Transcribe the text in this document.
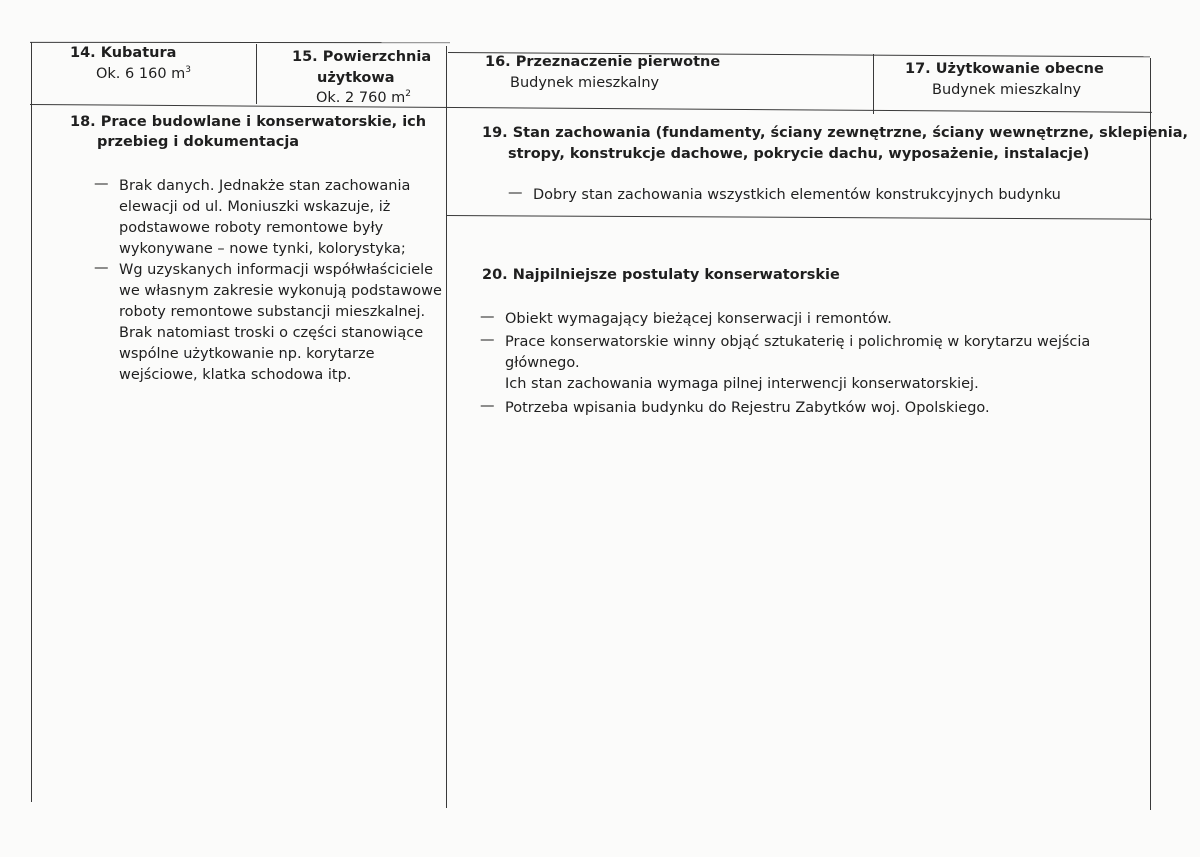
14. Kubatura
Ok. 6 160 $m^3$
15. Powierzchnia
użytkowa
Ok. 2 760 $m^2$
16. Przeznaczenie pierwotne
Budynek mieszkalny
17. Użytkowanie obecne
Budynek mieszkalny
18. Prace budowlane i konserwatorskie, ich
przebieg i dokumentacja
— Brak danych. Jednakże stan zachowania
elewacji od ul. Moniuszki wskazuje, iż
podstawowe roboty remontowe były
wykonywane – nowe tynki, kolorystyka;
— Wg uzyskanych informacji współwłaściciele
we własnym zakresie wykonują podstawowe
roboty remontowe substancji mieszkalnej.
Brak natomiast troski o części stanowiące
wspólne użytkowanie np. korytarze
wejściowe, klatka schodowa itp.
19. Stan zachowania (fundamenty, ściany zewnętrzne, ściany wewnętrzne, sklepienia,
stropy, konstrukcje dachowe, pokrycie dachu, wyposażenie, instalacje)
— Dobry stan zachowania wszystkich elementów konstrukcyjnych budynku
20. Najpilniejsze postulaty konserwatorskie
— Obiekt wymagający bieżącej konserwacji i remontów.
— Prace konserwatorskie winny objąć sztukaterię i polichromię w korytarzu wejścia
głównego.
Ich stan zachowania wymaga pilnej interwencji konserwatorskiej.
— Potrzeba wpisania budynku do Rejestru Zabytków woj. Opolskiego.
